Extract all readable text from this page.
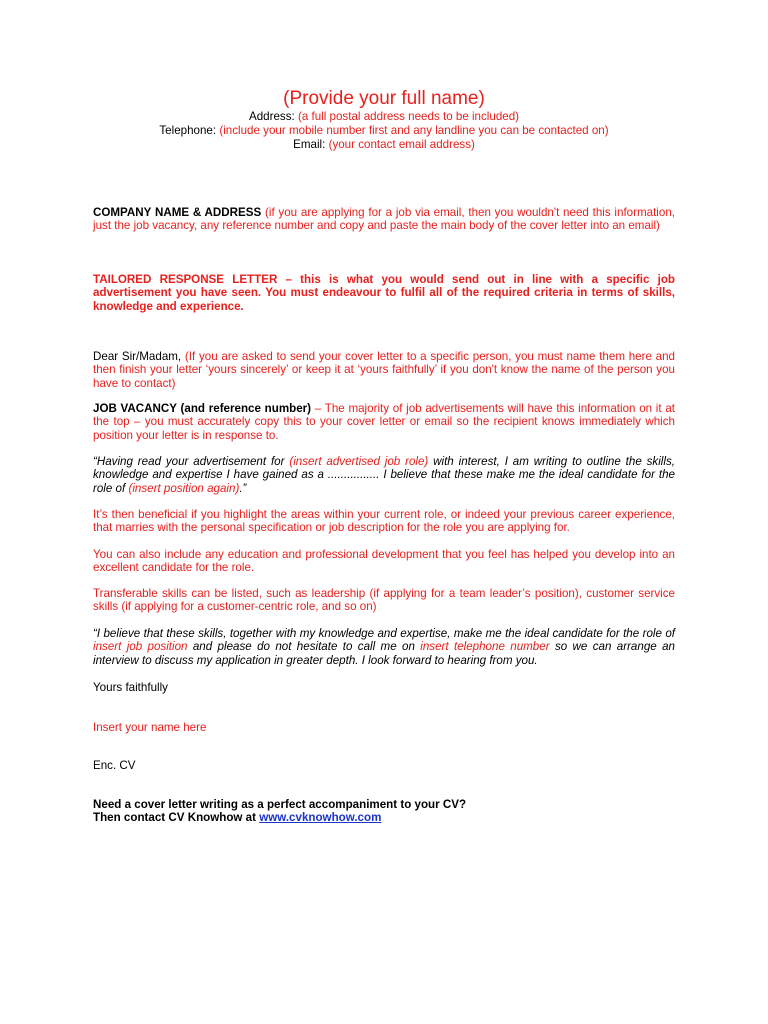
(Provide your full name)
Address: (a full postal address needs to be included)
Telephone: (include your mobile number first and any landline you can be contacted on)
Email: (your contact email address)

COMPANY NAME & ADDRESS (if you are applying for a job via email, then you wouldn't need this information, just the job vacancy, any reference number and copy and paste the main body of the cover letter into an email)

TAILORED RESPONSE LETTER – this is what you would send out in line with a specific job advertisement you have seen. You must endeavour to fulfil all of the required criteria in terms of skills, knowledge and experience.

Dear Sir/Madam, (If you are asked to send your cover letter to a specific person, you must name them here and then finish your letter ‘yours sincerely’ or keep it at ‘yours faithfully’ if you don't know the name of the person you have to contact)

JOB VACANCY (and reference number) – The majority of job advertisements will have this information on it at the top – you must accurately copy this to your cover letter or email so the recipient knows immediately which position your letter is in response to.

“Having read your advertisement for (insert advertised job role) with interest, I am writing to outline the skills, knowledge and expertise I have gained as a ................ I believe that these make me the ideal candidate for the role of (insert position again).”

It’s then beneficial if you highlight the areas within your current role, or indeed your previous career experience, that marries with the personal specification or job description for the role you are applying for.

You can also include any education and professional development that you feel has helped you develop into an excellent candidate for the role.

Transferable skills can be listed, such as leadership (if applying for a team leader’s position), customer service skills (if applying for a customer-centric role, and so on)

“I believe that these skills, together with my knowledge and expertise, make me the ideal candidate for the role of insert job position and please do not hesitate to call me on insert telephone number so we can arrange an interview to discuss my application in greater depth. I look forward to hearing from you.

Yours faithfully

Insert your name here

Enc. CV

Need a cover letter writing as a perfect accompaniment to your CV?

Then contact CV Knowhow at www.cvknowhow.com
